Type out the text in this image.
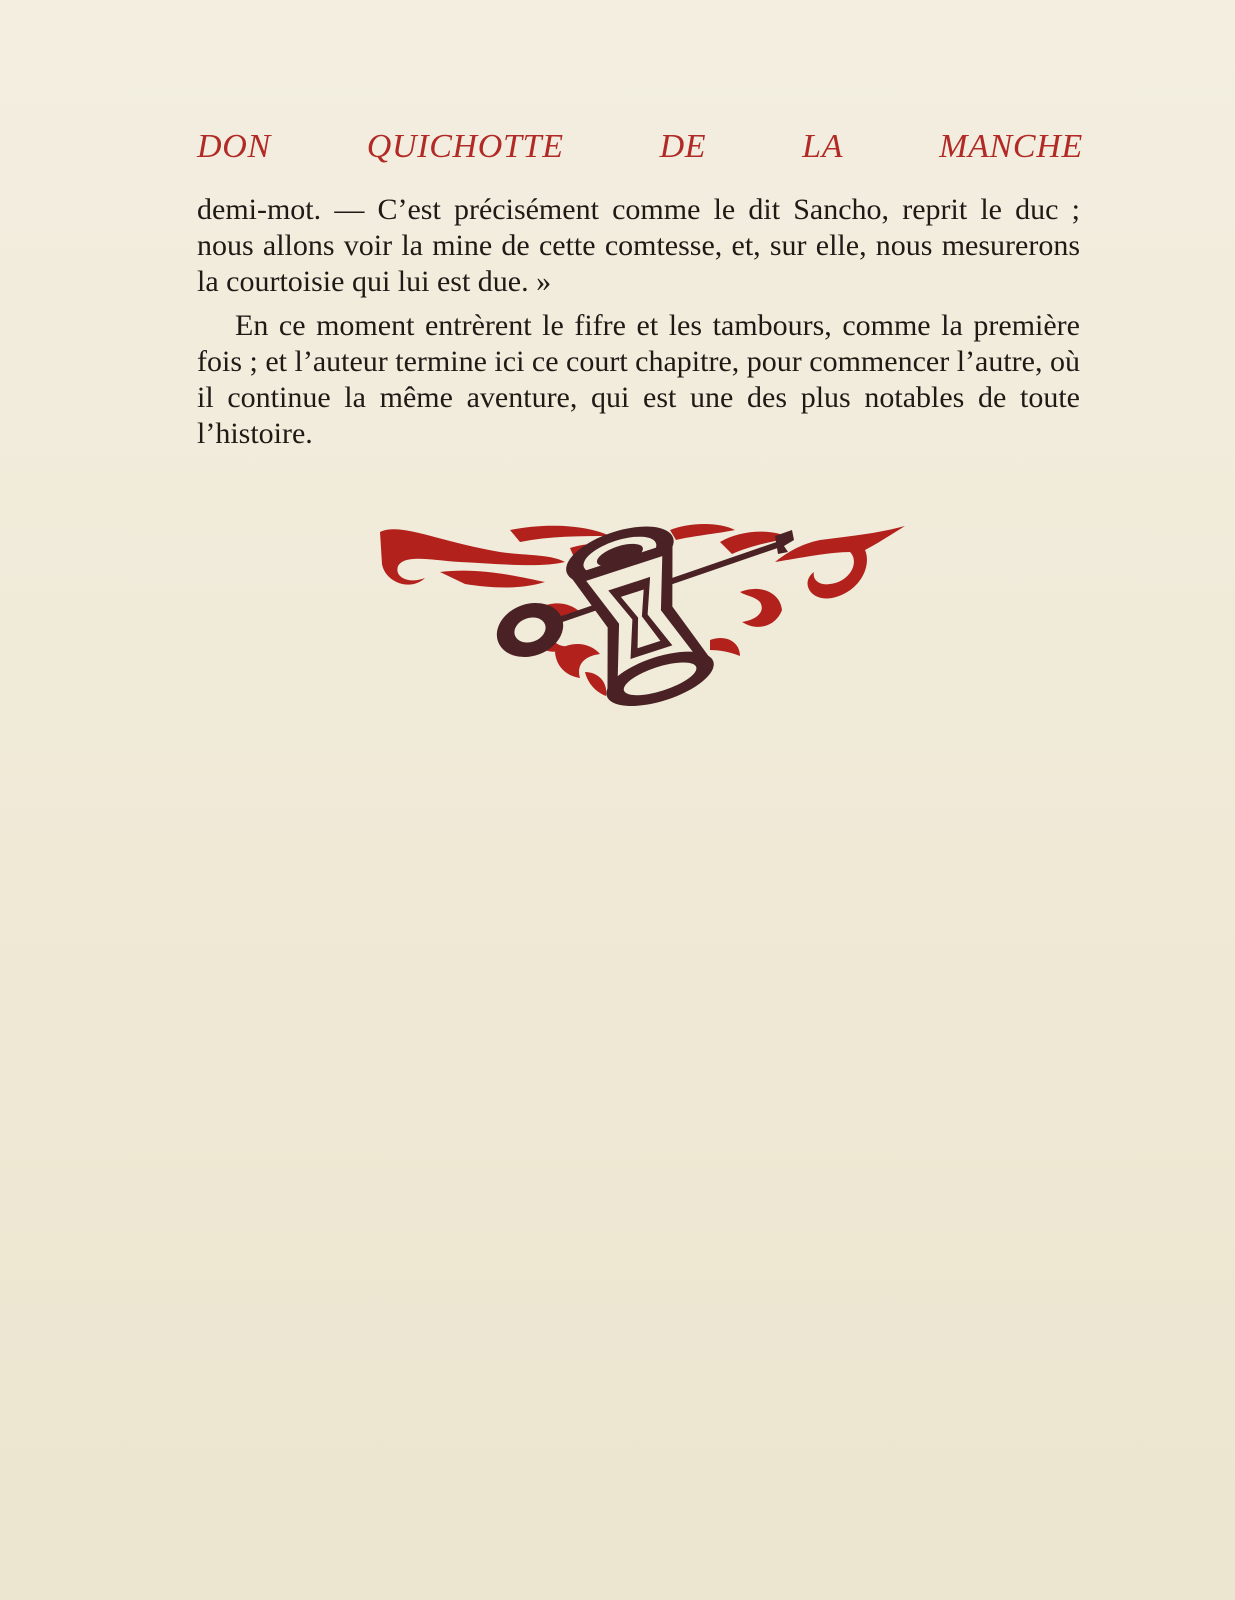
DON	QUICHOTTE	DE	LA	MANCHE

demi-mot. — C’est précisément comme le dit Sancho, reprit le duc ; nous allons voir la mine de cette comtesse, et, sur elle, nous mesurerons la courtoisie qui lui est due. »

En ce moment entrèrent le fifre et les tambours, comme la première fois ; et l’auteur termine ici ce court chapitre, pour commencer l’autre, où il continue la même aventure, qui est une des plus notables de toute l’histoire.
